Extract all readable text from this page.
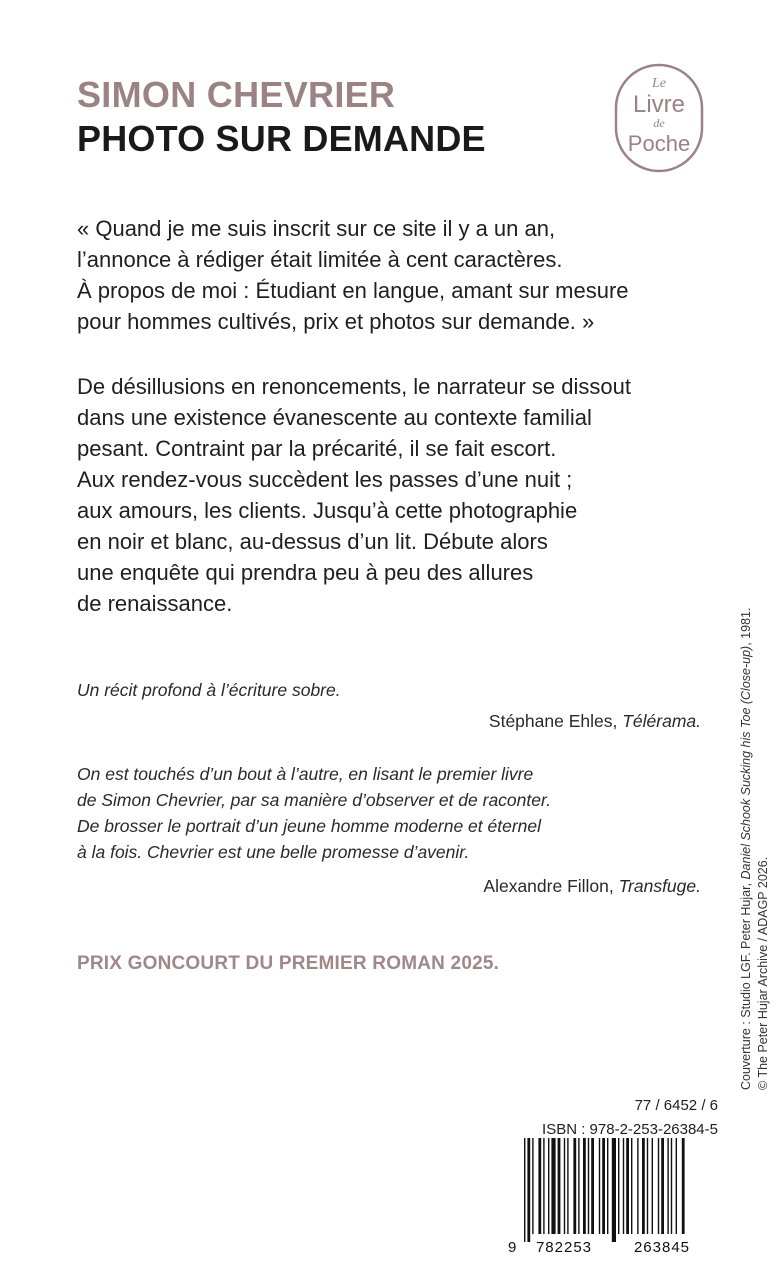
SIMON CHEVRIER
PHOTO SUR DEMANDE
Le
Livre
de
Poche

« Quand je me suis inscrit sur ce site il y a un an,
l’annonce à rédiger était limitée à cent caractères.
À propos de moi : Étudiant en langue, amant sur mesure
pour hommes cultivés, prix et photos sur demande. »

De désillusions en renoncements, le narrateur se dissout
dans une existence évanescente au contexte familial
pesant. Contraint par la précarité, il se fait escort.
Aux rendez-vous succèdent les passes d’une nuit ;
aux amours, les clients. Jusqu’à cette photographie
en noir et blanc, au-dessus d’un lit. Débute alors
une enquête qui prendra peu à peu des allures
de renaissance.

Un récit profond à l’écriture sobre.

Stéphane Ehles, Télérama.

On est touchés d’un bout à l’autre, en lisant le premier livre
de Simon Chevrier, par sa manière d’observer et de raconter.
De brosser le portrait d’un jeune homme moderne et éternel
à la fois. Chevrier est une belle promesse d’avenir.

Alexandre Fillon, Transfuge.

PRIX GONCOURT DU PREMIER ROMAN 2025.

77 / 6452 / 6

ISBN : 978-2-253-26384-5

9 782253	263845
Couverture : Studio LGF. Peter Hujar, Daniel Schook Sucking his Toe (Close-up), 1981.
© The Peter Hujar Archive / ADAGP 2026.
